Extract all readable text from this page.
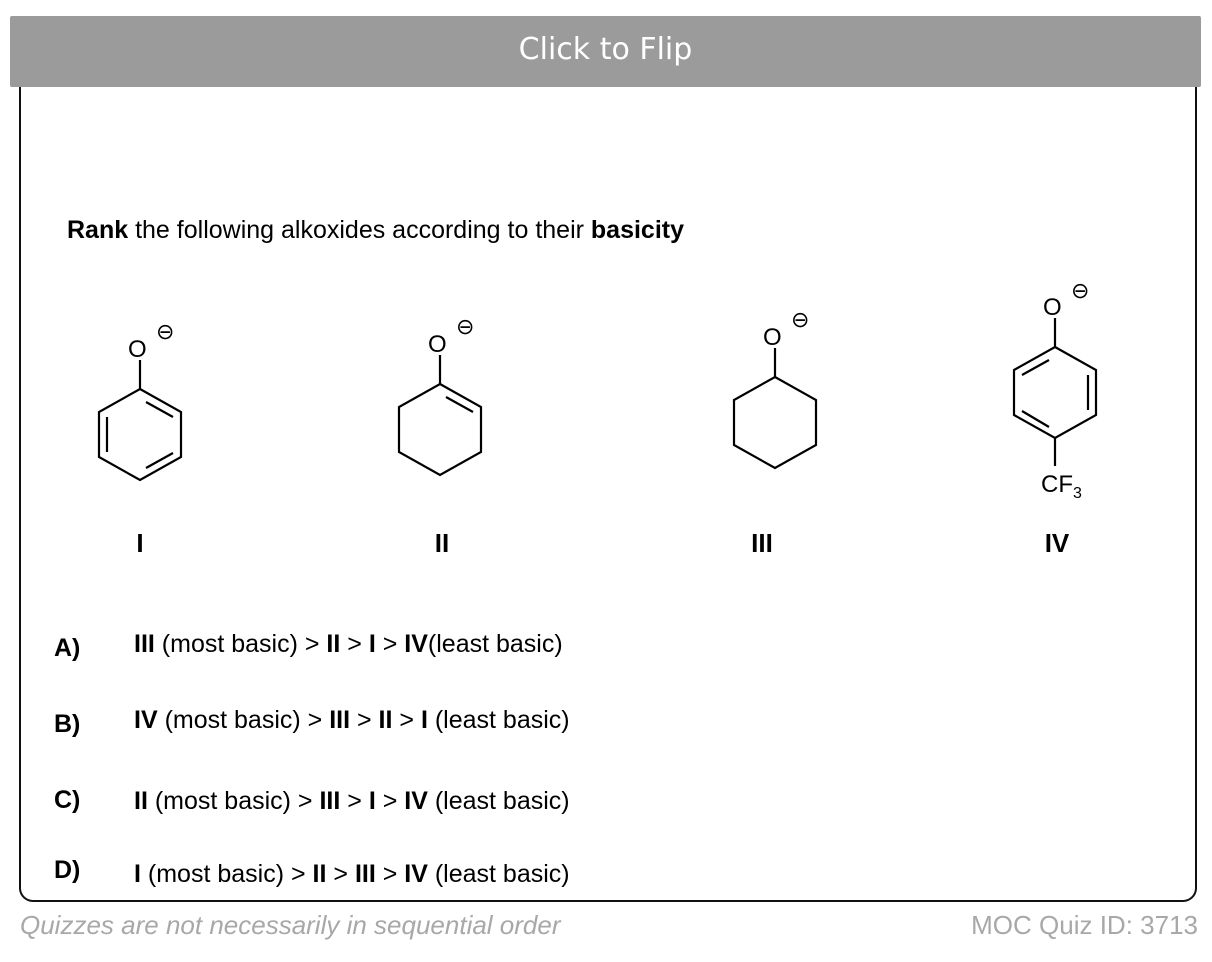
Click to Flip
Rank the following alkoxides according to their basicity
O
⊖
I
O
⊖
II
O
⊖
III
O
⊖
$CF_3$
IV
A) III (most basic) > II > I > IV(least basic)
B) IV (most basic) > III > II > I (least basic)
C) II (most basic) > III > I > IV (least basic)
D) I (most basic) > II > III > IV (least basic)
Quizzes are not necessarily in sequential order	MOC Quiz ID: 3713
